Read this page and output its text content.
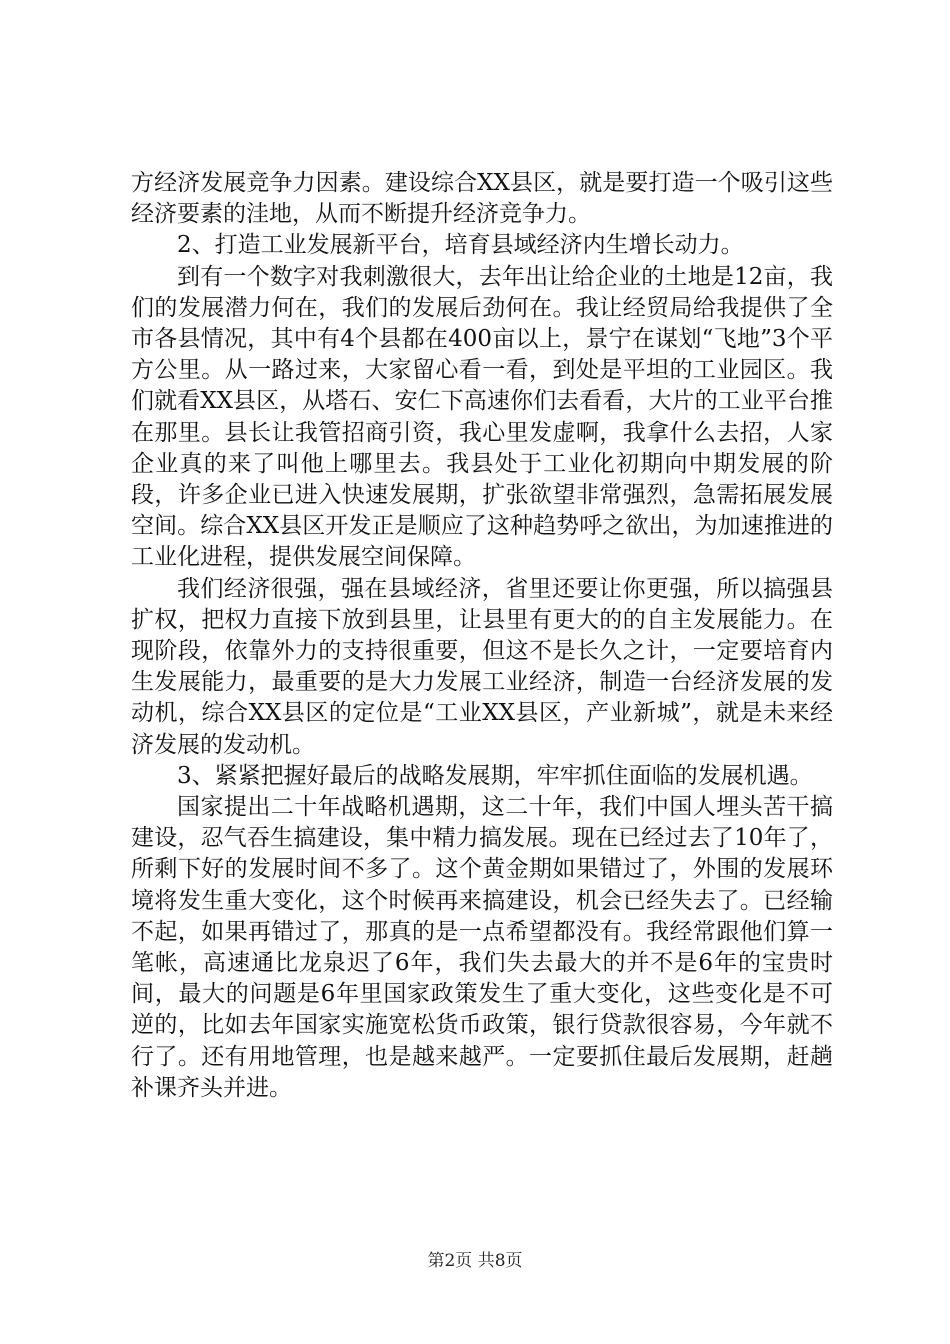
方经济发展竞争力因素。建设综合XX县区，就是要打造一个吸引这些经济要素的洼地，从而不断提升经济竞争力。

2、打造工业发展新平台，培育县域经济内生增长动力。

到有一个数字对我刺激很大，去年出让给企业的土地是12亩，我们的发展潜力何在，我们的发展后劲何在。我让经贸局给我提供了全市各县情况，其中有4个县都在400亩以上，景宁在谋划“飞地”3个平方公里。从一路过来，大家留心看一看，到处是平坦的工业园区。我们就看XX县区，从塔石、安仁下高速你们去看看，大片的工业平台推在那里。县长让我管招商引资，我心里发虚啊，我拿什么去招，人家企业真的来了叫他上哪里去。我县处于工业化初期向中期发展的阶段，许多企业已进入快速发展期，扩张欲望非常强烈，急需拓展发展空间。综合XX县区开发正是顺应了这种趋势呼之欲出，为加速推进的工业化进程，提供发展空间保障。

我们经济很强，强在县域经济，省里还要让你更强，所以搞强县扩权，把权力直接下放到县里，让县里有更大的的自主发展能力。在现阶段，依靠外力的支持很重要，但这不是长久之计，一定要培育内生发展能力，最重要的是大力发展工业经济，制造一台经济发展的发动机，综合XX县区的定位是“工业XX县区，产业新城”，就是未来经济发展的发动机。

3、紧紧把握好最后的战略发展期，牢牢抓住面临的发展机遇。

国家提出二十年战略机遇期，这二十年，我们中国人埋头苦干搞建设，忍气吞生搞建设，集中精力搞发展。现在已经过去了10年了，所剩下好的发展时间不多了。这个黄金期如果错过了，外围的发展环境将发生重大变化，这个时候再来搞建设，机会已经失去了。已经输不起，如果再错过了，那真的是一点希望都没有。我经常跟他们算一笔帐，高速通比龙泉迟了6年，我们失去最大的并不是6年的宝贵时间，最大的问题是6年里国家政策发生了重大变化，这些变化是不可逆的，比如去年国家实施宽松货币政策，银行贷款很容易，今年就不行了。还有用地管理，也是越来越严。一定要抓住最后发展期，赶趟补课齐头并进。

第2页 共8页
